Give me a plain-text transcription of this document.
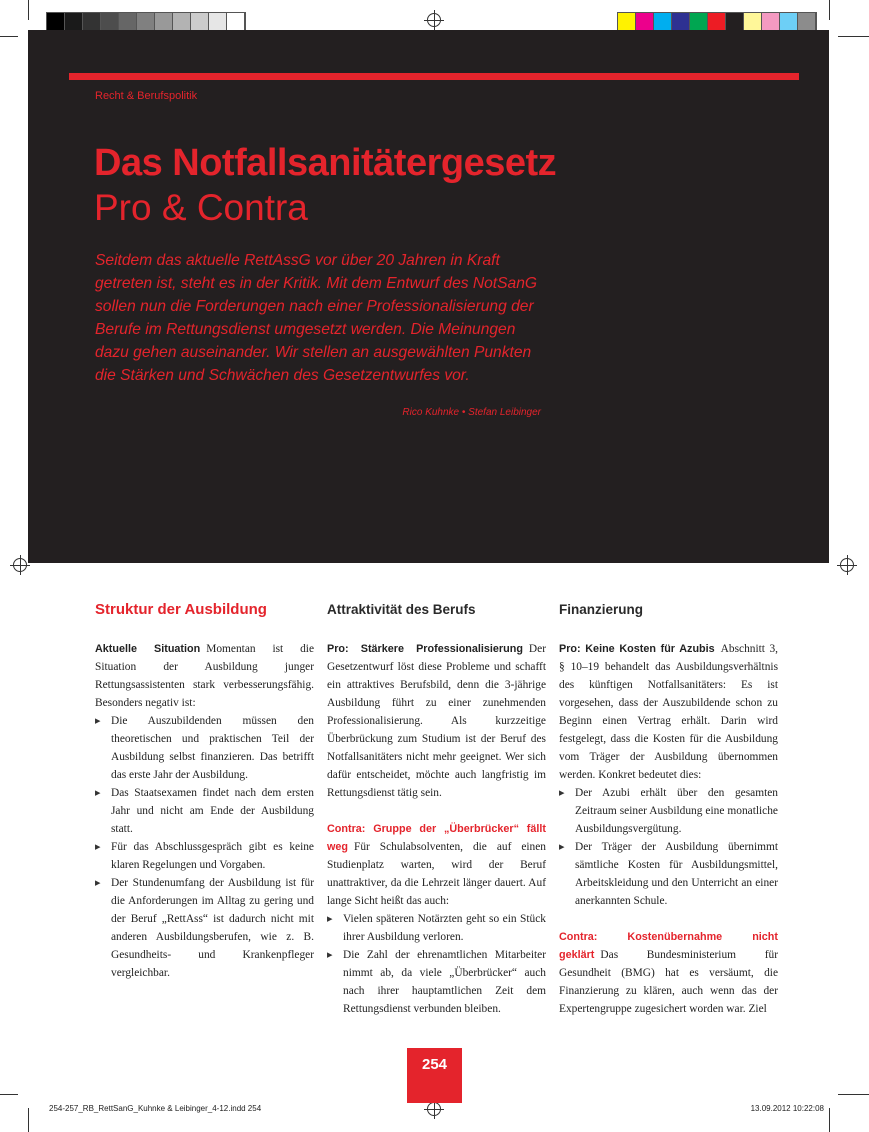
Recht & Berufspolitik
Das Notfallsanitätergesetz
Pro & Contra
Seitdem das aktuelle RettAssG vor über 20 Jahren in Kraft getreten ist, steht es in der Kritik. Mit dem Entwurf des NotSanG sollen nun die Forderungen nach einer Professionalisierung der Berufe im Rettungsdienst umgesetzt werden. Die Meinungen dazu gehen auseinander. Wir stellen an ausgewählten Punkten die Stärken und Schwächen des Gesetzentwurfes vor.
Rico Kuhnke • Stefan Leibinger
Struktur der Ausbildung

Aktuelle Situation Momentan ist die Situation der Ausbildung junger Rettungsassistenten stark verbesserungsfähig. Besonders negativ ist:

▸ Die Auszubildenden müssen den theoretischen und praktischen Teil der Ausbildung selbst finanzieren. Das betrifft das erste Jahr der Ausbildung.
▸ Das Staatsexamen findet nach dem ersten Jahr und nicht am Ende der Ausbildung statt.
▸ Für das Abschlussgespräch gibt es keine klaren Regelungen und Vorgaben.
▸ Der Stundenumfang der Ausbildung ist für die Anforderungen im Alltag zu gering und der Beruf „RettAss“ ist dadurch nicht mit anderen Ausbildungsberufen, wie z. B. Gesundheits- und Krankenpfleger vergleichbar.
Attraktivität des Berufs

Pro: Stärkere Professionalisierung Der Gesetzentwurf löst diese Probleme und schafft ein attraktives Berufsbild, denn die 3-jährige Ausbildung führt zu einer zunehmenden Professionalisierung. Als kurzzeitige Überbrückung zum Studium ist der Beruf des Notfallsanitäters nicht mehr geeignet. Wer sich dafür entscheidet, möchte auch langfristig im Rettungsdienst tätig sein.

Contra: Gruppe der „Überbrücker“ fällt weg Für Schulabsolventen, die auf einen Studienplatz warten, wird der Beruf unattraktiver, da die Lehrzeit länger dauert. Auf lange Sicht heißt das auch:

▸ Vielen späteren Notärzten geht so ein Stück ihrer Ausbildung verloren.
▸ Die Zahl der ehrenamtlichen Mitarbeiter nimmt ab, da viele „Überbrücker“ auch nach ihrer hauptamtlichen Zeit dem Rettungsdienst verbunden bleiben.
Finanzierung

Pro: Keine Kosten für Azubis Abschnitt 3, § 10–19 behandelt das Ausbildungsverhältnis des künftigen Notfallsanitäters: Es ist vorgesehen, dass der Auszubildende schon zu Beginn einen Vertrag erhält. Darin wird festgelegt, dass die Kosten für die Ausbildung vom Träger der Ausbildung übernommen werden. Konkret bedeutet dies:

▸ Der Azubi erhält über den gesamten Zeitraum seiner Ausbildung eine monatliche Ausbildungsvergütung.
▸ Der Träger der Ausbildung übernimmt sämtliche Kosten für Ausbildungsmittel, Arbeitskleidung und den Unterricht an einer anerkannten Schule.

Contra: Kostenübernahme nicht geklärt Das Bundesministerium für Gesundheit (BMG) hat es versäumt, die Finanzierung zu klären, auch wenn das der Expertengruppe zugesichert worden war. Ziel

254
254-257_RB_RettSanG_Kuhnke & Leibinger_4-12.indd 254	13.09.2012 10:22:08
